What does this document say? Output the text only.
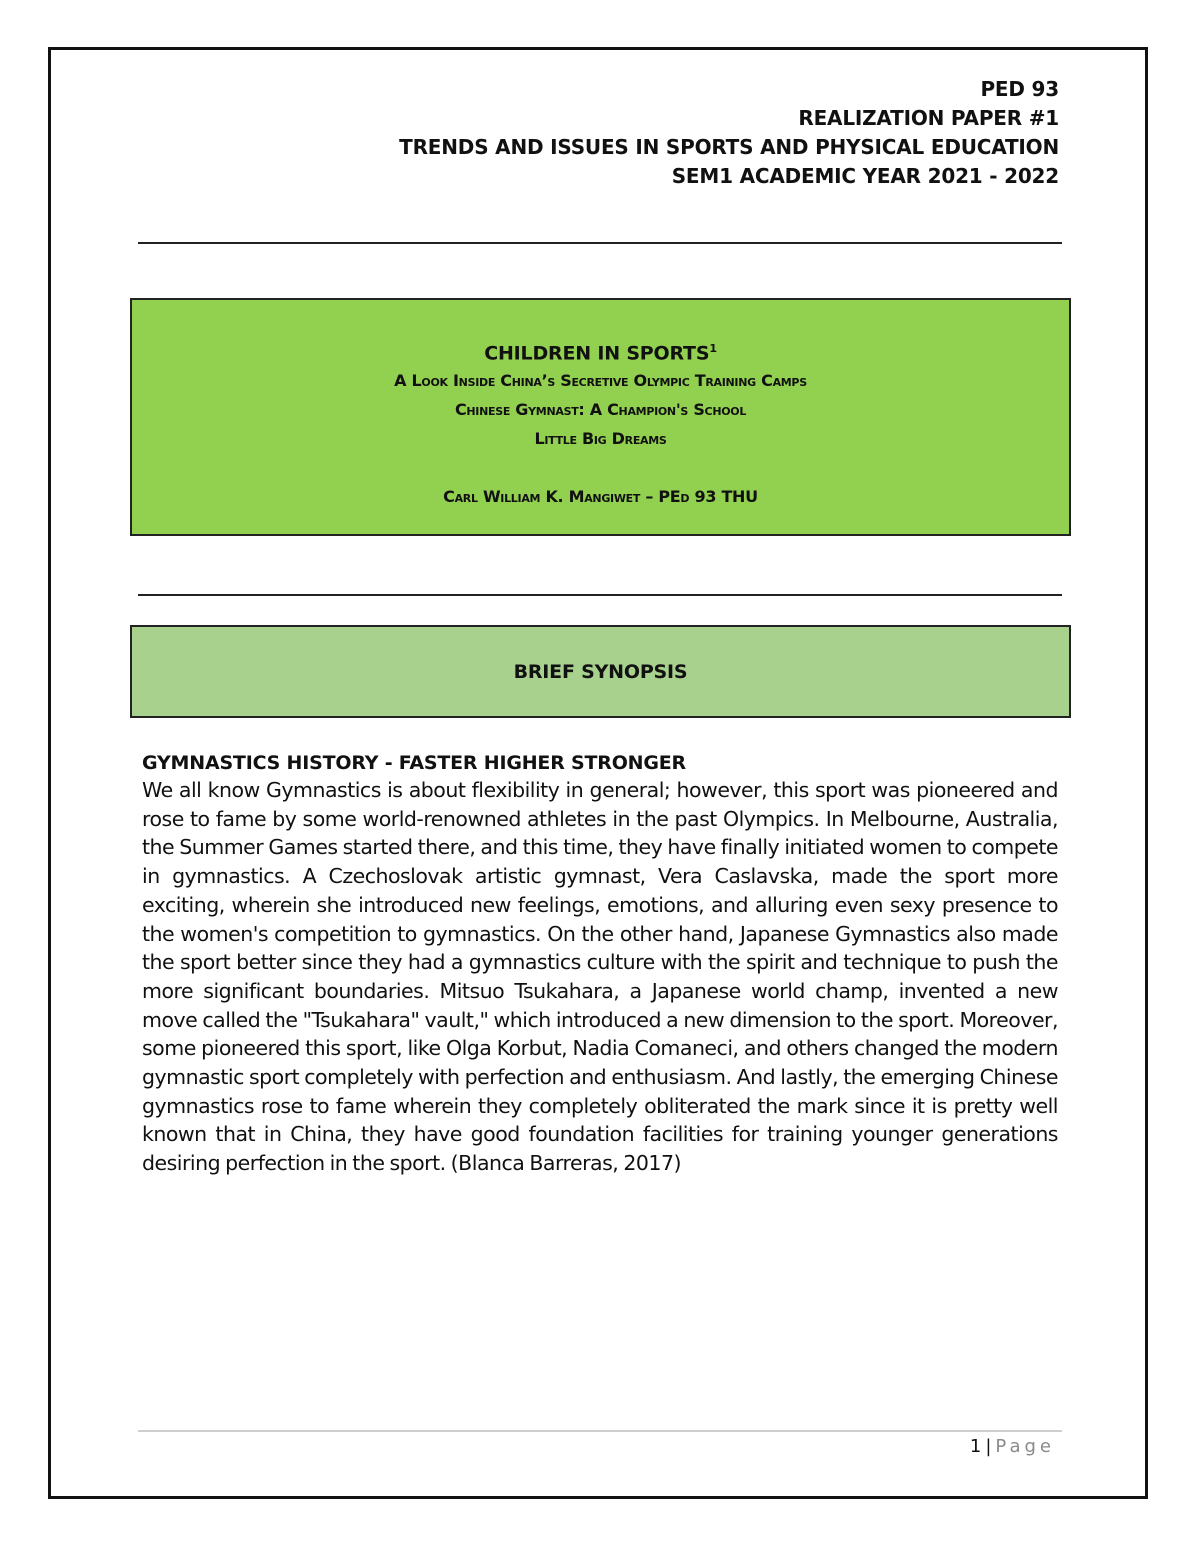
PED 93
REALIZATION PAPER #1
TRENDS AND ISSUES IN SPORTS AND PHYSICAL EDUCATION
SEM1 ACADEMIC YEAR 2021 - 2022
CHILDREN IN SPORTS$^1$
A Look Inside China’s Secretive Olympic Training Camps
Chinese Gymnast: A Champion's School
Little Big Dreams
Carl William K. Mangiwet – PEd 93 THU
BRIEF SYNOPSIS
GYMNASTICS HISTORY - FASTER HIGHER STRONGER
We all know Gymnastics is about flexibility in general; however, this sport was pioneered and rose to fame by some world-renowned athletes in the past Olympics. In Melbourne, Australia, the Summer Games started there, and this time, they have finally initiated women to compete in gymnastics. A Czechoslovak artistic gymnast, Vera Caslavska, made the sport more exciting, wherein she introduced new feelings, emotions, and alluring even sexy presence to the women's competition to gymnastics. On the other hand, Japanese Gymnastics also made the sport better since they had a gymnastics culture with the spirit and technique to push the more significant boundaries. Mitsuo Tsukahara, a Japanese world champ, invented a new move called the "Tsukahara" vault," which introduced a new dimension to the sport. Moreover, some pioneered this sport, like Olga Korbut, Nadia Comaneci, and others changed the modern gymnastic sport completely with perfection and enthusiasm. And lastly, the emerging Chinese gymnastics rose to fame wherein they completely obliterated the mark since it is pretty well known that in China, they have good foundation facilities for training younger generations desiring perfection in the sport. (Blanca Barreras, 2017)
1 | Page
